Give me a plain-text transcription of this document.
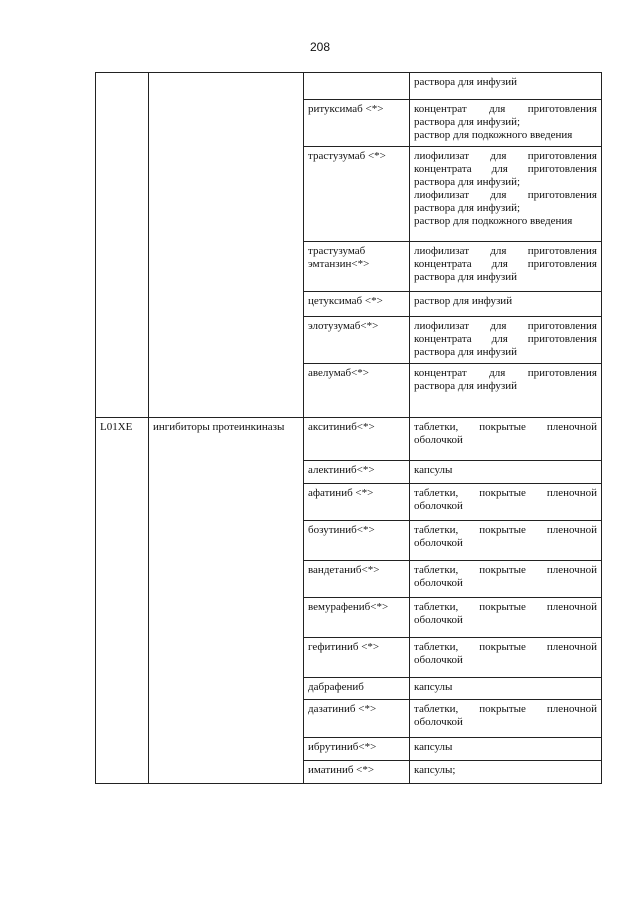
208

			раствора для инфузий

		ритуксимаб <*>	концентрат для приготовления раствора для инфузий;
раствор для подкожного введения

		трастузумаб <*>	лиофилизат для приготовления концентрата для приготовления раствора для инфузий;
лиофилизат для приготовления раствора для инфузий;
раствор для подкожного введения

		трастузумаб эмтанзин<*>	лиофилизат для приготовления концентрата для приготовления раствора для инфузий

		цетуксимаб <*>	раствор для инфузий

		элотузумаб<*>	лиофилизат для приготовления концентрата для приготовления раствора для инфузий

		авелумаб<*>	концентрат для приготовления раствора для инфузий

L01XE	ингибиторы протеинкиназы	акситиниб<*>	таблетки, покрытые пленочной оболочкой

		алектиниб<*>	капсулы

		афатиниб <*>	таблетки, покрытые пленочной оболочкой

		бозутиниб<*>	таблетки, покрытые пленочной оболочкой

		вандетаниб<*>	таблетки, покрытые пленочной оболочкой

		вемурафениб<*>	таблетки, покрытые пленочной оболочкой

		гефитиниб <*>	таблетки, покрытые пленочной оболочкой

		дабрафениб	капсулы

		дазатиниб <*>	таблетки, покрытые пленочной оболочкой

		ибрутиниб<*>	капсулы

		иматиниб <*>	капсулы;
